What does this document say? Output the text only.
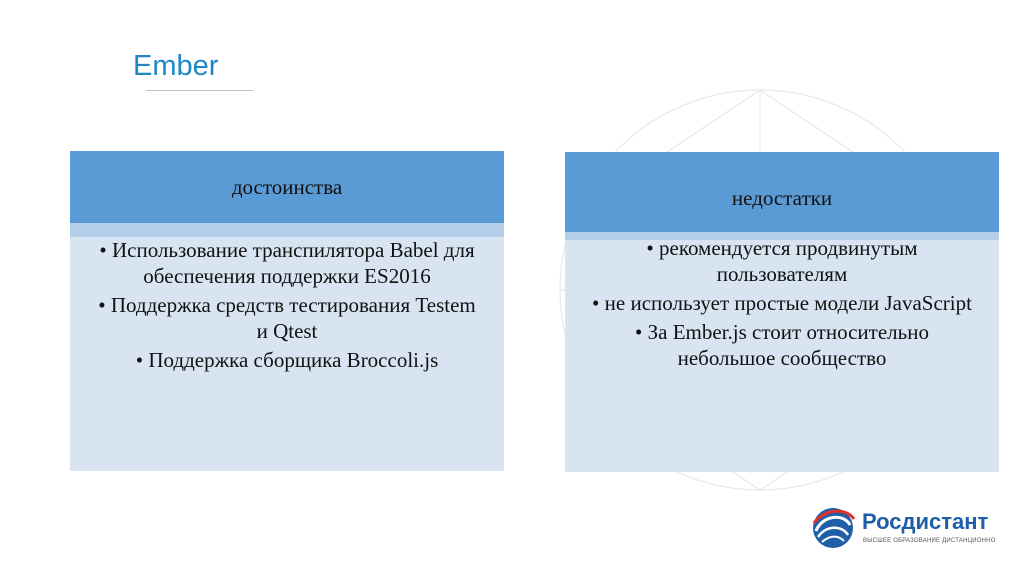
Ember
достоинства
• Использование транспилятора Babel для обеспечения поддержки ES2016
• Поддержка средств тестирования Testem и Qtest
• Поддержка сборщика Broccoli.js
недостатки
• рекомендуется продвинутым пользователям
• не использует простые модели JavaScript
• За Ember.js стоит относительно небольшое сообщество

Росдистант

ВЫСШЕЕ ОБРАЗОВАНИЕ ДИСТАНЦИОННО
